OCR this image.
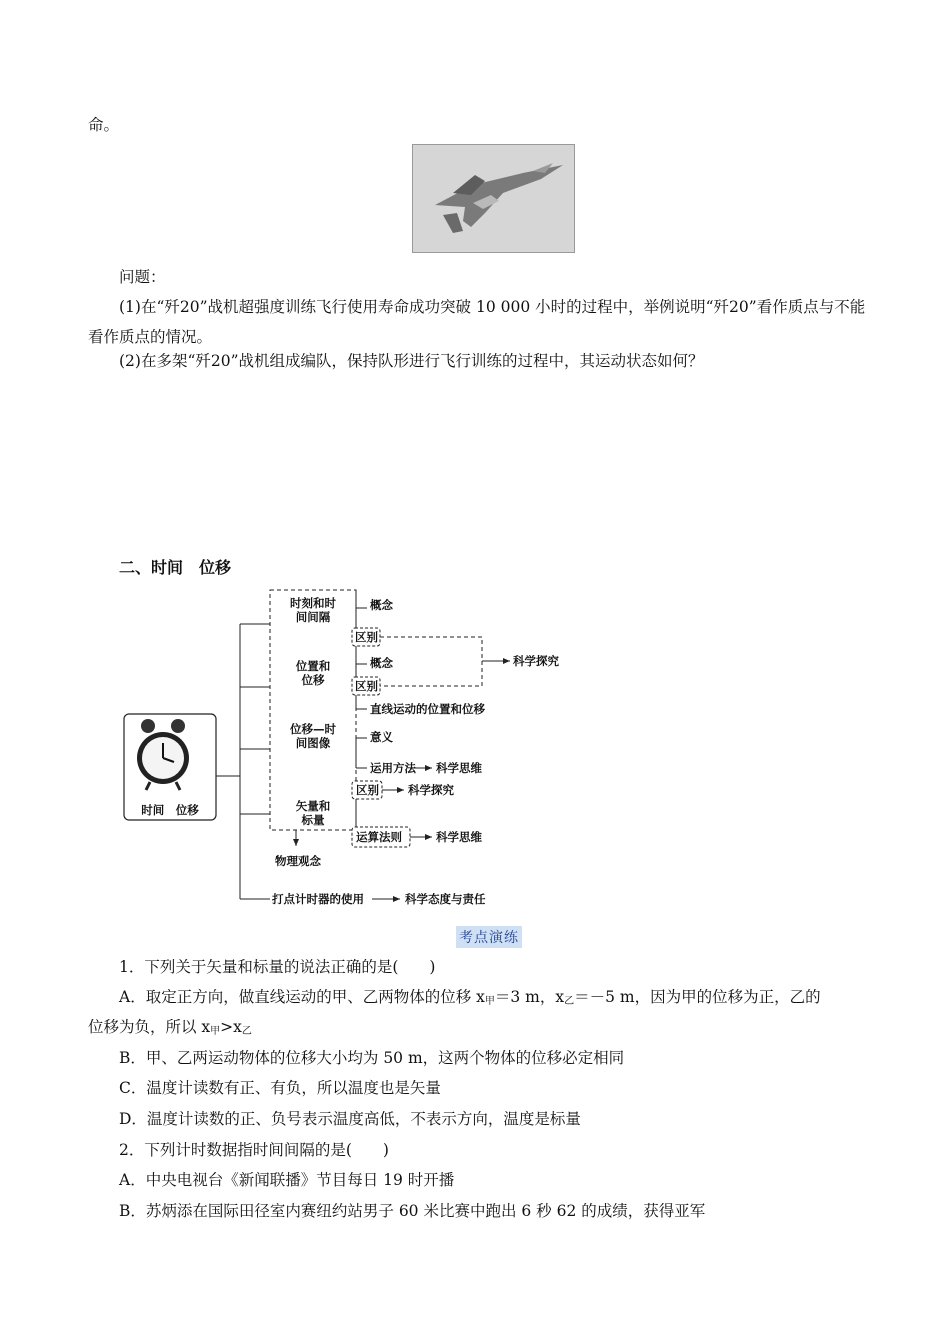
命。
问题：
(1)在“歼20”战机超强度训练飞行使用寿命成功突破 10 000 小时的过程中，举例说明“歼20”看作质点与不能看作质点的情况。
(2)在多架“歼20”战机组成编队，保持队形进行飞行训练的过程中，其运动状态如何？
二、时间　位移
时间　位移
时刻和时
间间隔
概念
区别
位置和
位移
概念
区别
直线运动的位置和位移
科学探究
位移—时
间图像	意义
运用方法 科学思维
矢量和
标量
区别	科学探究
运算法则	科学思维
物理观念
打点计时器的使用	科学态度与责任
考点演练
1．下列关于矢量和标量的说法正确的是(　　)
A．取定正方向，做直线运动的甲、乙两物体的位移 $x_甲=3$ m，$x_乙=-5$ m，因为甲的位移为正，乙的
位移为负，所以 $x_甲>x_乙$
B．甲、乙两运动物体的位移大小均为 50 m，这两个物体的位移必定相同
C．温度计读数有正、有负，所以温度也是矢量
D．温度计读数的正、负号表示温度高低，不表示方向，温度是标量
2．下列计时数据指时间间隔的是(　　)
A．中央电视台《新闻联播》节目每日 19 时开播
B．苏炳添在国际田径室内赛纽约站男子 60 米比赛中跑出 6 秒 62 的成绩，获得亚军
